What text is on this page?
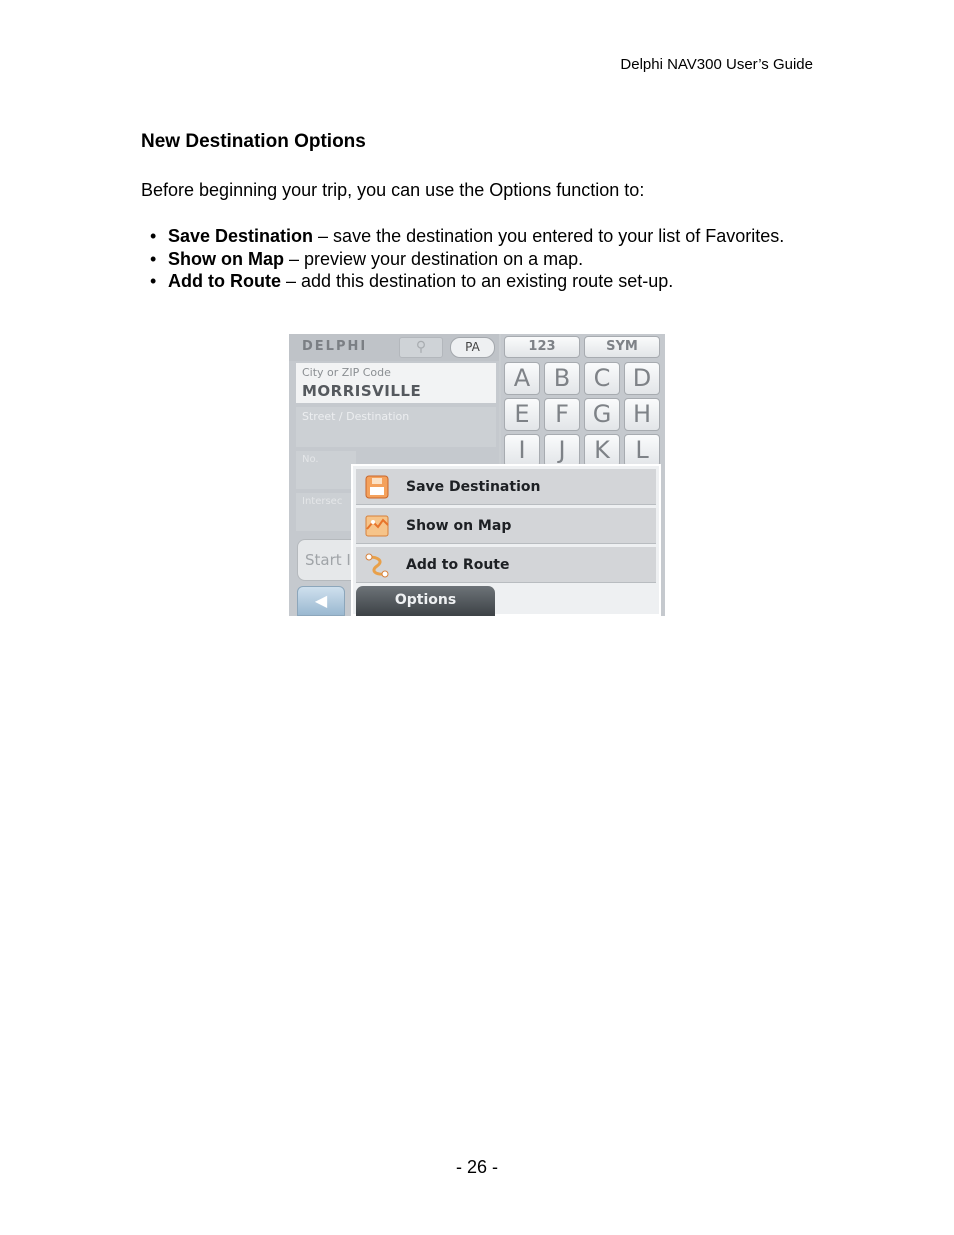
Delphi NAV300 User’s Guide
New Destination Options
Before beginning your trip, you can use the Options function to:
• Save Destination – save the destination you entered to your list of Favorites.
• Show on Map – preview your destination on a map.
• Add to Route – add this destination to an existing route set-up.
DELPHI	⚲	PA
City or ZIP Code
MORRISVILLE
Street / Destination
No.
Intersec
Start I
◀
123	SYM
A B C D
E	F G H
I	J	K	L
Save Destination
Show on Map
Add to Route
Options
- 26 -
